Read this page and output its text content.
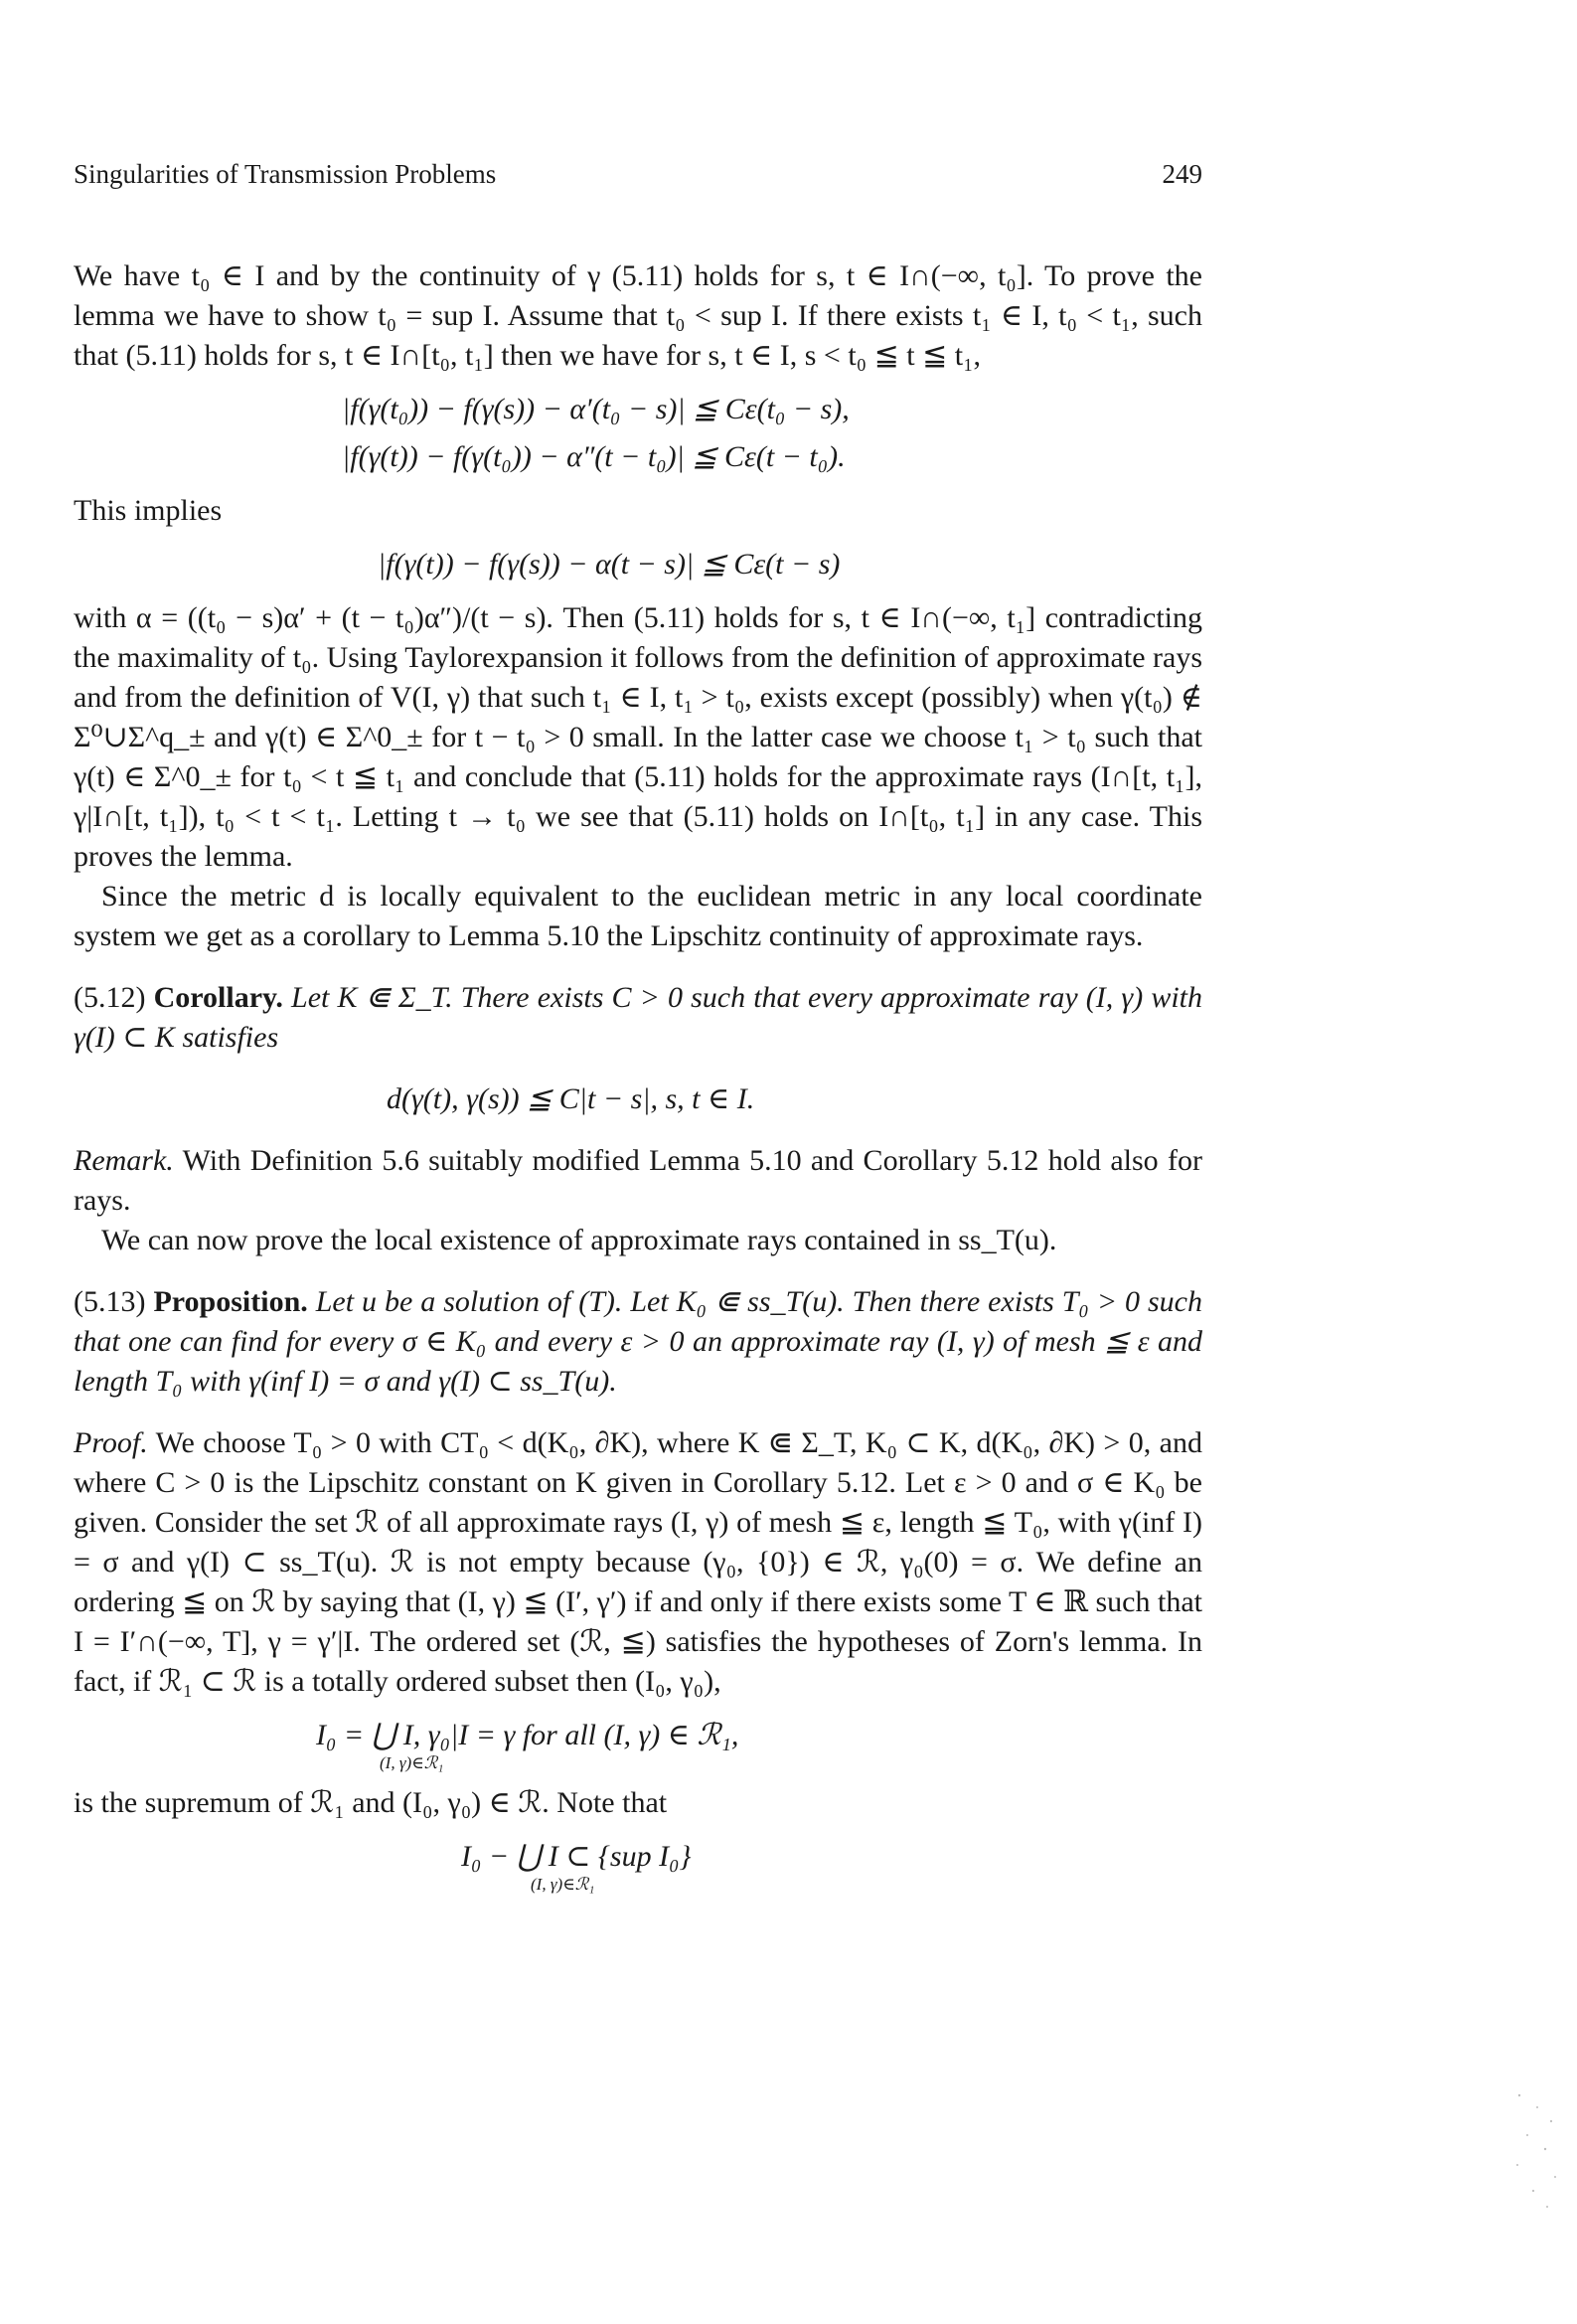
Singularities of Transmission Problems	249

We have t₀ ∈ I and by the continuity of γ (5.11) holds for s, t ∈ I∩(−∞, t₀]. To prove the lemma we have to show t₀ = sup I. Assume that t₀ < sup I. If there exists t₁ ∈ I, t₀ < t₁, such that (5.11) holds for s, t ∈ I∩[t₀, t₁] then we have for s, t ∈ I, s < t₀ ≦ t ≦ t₁,

|f(γ(t₀)) − f(γ(s)) − α′(t₀ − s)| ≦ Cε(t₀ − s),
|f(γ(t)) − f(γ(t₀)) − α″(t − t₀)| ≦ Cε(t − t₀).

This implies

|f(γ(t)) − f(γ(s)) − α(t − s)| ≦ Cε(t − s)

with α = ((t₀ − s)α′ + (t − t₀)α″)/(t − s). Then (5.11) holds for s, t ∈ I∩(−∞, t₁] contradicting the maximality of t₀. Using Taylorexpansion it follows from the definition of approximate rays and from the definition of V(I, γ) that such t₁ ∈ I, t₁ > t₀, exists except (possibly) when γ(t₀) ∉ Σ⁰∪Σ^q_± and γ(t) ∈ Σ^0_± for t − t₀ > 0 small. In the latter case we choose t₁ > t₀ such that γ(t) ∈ Σ^0_± for t₀ < t ≦ t₁ and conclude that (5.11) holds for the approximate rays (I∩[t, t₁], γ|I∩[t, t₁]), t₀ < t < t₁. Letting t → t₀ we see that (5.11) holds on I∩[t₀, t₁] in any case. This proves the lemma.

Since the metric d is locally equivalent to the euclidean metric in any local coordinate system we get as a corollary to Lemma 5.10 the Lipschitz continuity of approximate rays.

(5.12) Corollary. Let K ⋐ Σ_T. There exists C > 0 such that every approximate ray (I, γ) with γ(I) ⊂ K satisfies

d(γ(t), γ(s)) ≦ C|t − s|, s, t ∈ I.

Remark. With Definition 5.6 suitably modified Lemma 5.10 and Corollary 5.12 hold also for rays.

We can now prove the local existence of approximate rays contained in ss_T(u).

(5.13) Proposition. Let u be a solution of (T). Let K₀ ⋐ ss_T(u). Then there exists T₀ > 0 such that one can find for every σ ∈ K₀ and every ε > 0 an approximate ray (I, γ) of mesh ≦ ε and length T₀ with γ(inf I) = σ and γ(I) ⊂ ss_T(u).

Proof. We choose T₀ > 0 with CT₀ < d(K₀, ∂K), where K ⋐ Σ_T, K₀ ⊂ K, d(K₀, ∂K) > 0, and where C > 0 is the Lipschitz constant on K given in Corollary 5.12. Let ε > 0 and σ ∈ K₀ be given. Consider the set ℛ of all approximate rays (I, γ) of mesh ≦ ε, length ≦ T₀, with γ(inf I) = σ and γ(I) ⊂ ss_T(u). ℛ is not empty because (γ₀, {0}) ∈ ℛ, γ₀(0) = σ. We define an ordering ≦ on ℛ by saying that (I, γ) ≦ (I′, γ′) if and only if there exists some T ∈ ℝ such that I = I′∩(−∞, T], γ = γ′|I. The ordered set (ℛ, ≦) satisfies the hypotheses of Zorn's lemma. In fact, if ℛ₁ ⊂ ℛ is a totally ordered subset then (I₀, γ₀),

I₀ = ⋃ I, γ₀|I = γ for all (I, γ) ∈ ℛ₁,
(I, γ)∈ℛ₁

is the supremum of ℛ₁ and (I₀, γ₀) ∈ ℛ. Note that

I₀ − ⋃ I ⊂ {sup I₀}
(I, γ)∈ℛ₁
